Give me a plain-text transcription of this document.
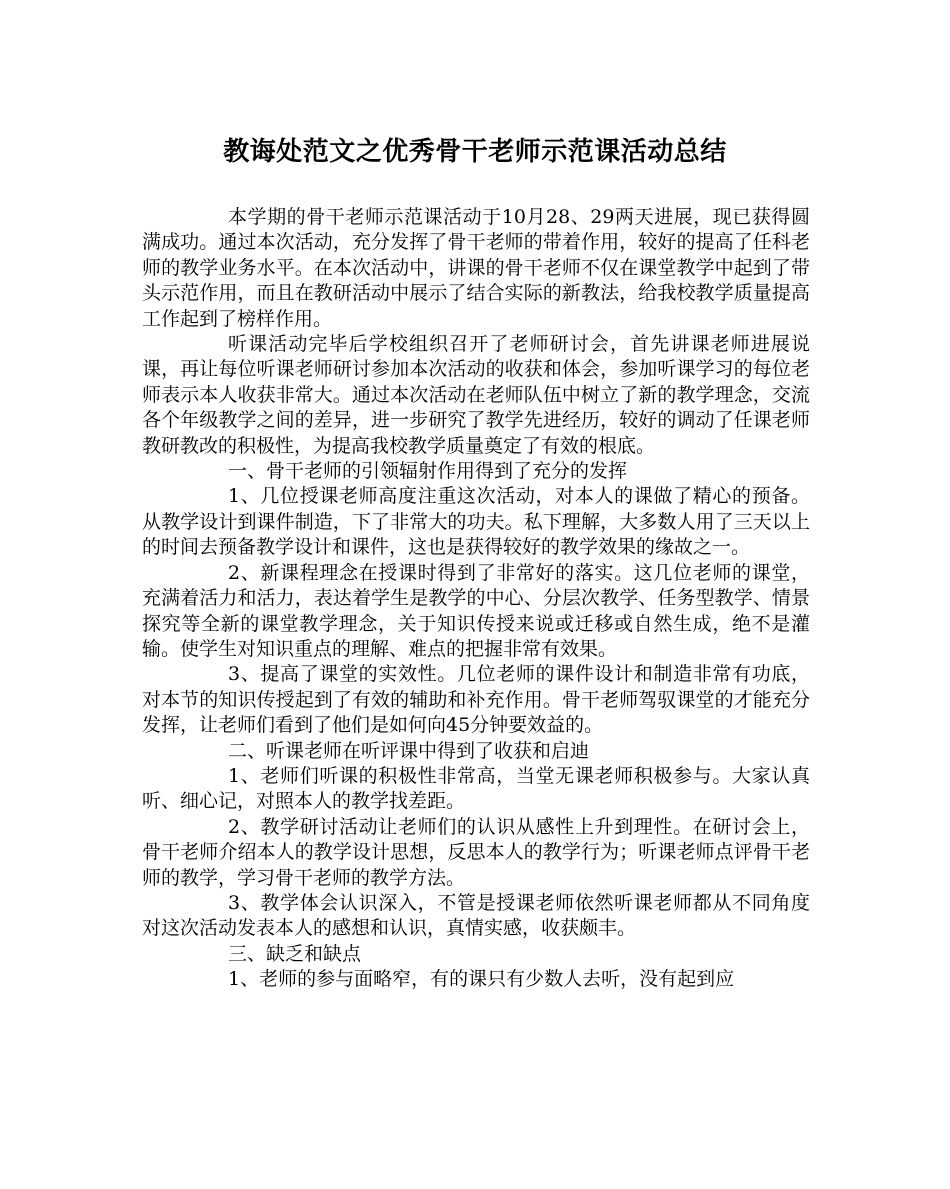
教诲处范文之优秀骨干老师示范课活动总结

本学期的骨干老师示范课活动于10月28、29两天进展，现已获得圆满成功。通过本次活动，充分发挥了骨干老师的带着作用，较好的提高了任科老师的教学业务水平。在本次活动中，讲课的骨干老师不仅在课堂教学中起到了带头示范作用，而且在教研活动中展示了结合实际的新教法，给我校教学质量提高工作起到了榜样作用。

听课活动完毕后学校组织召开了老师研讨会，首先讲课老师进展说课，再让每位听课老师研讨参加本次活动的收获和体会，参加听课学习的每位老师表示本人收获非常大。通过本次活动在老师队伍中树立了新的教学理念，交流各个年级教学之间的差异，进一步研究了教学先进经历，较好的调动了任课老师教研教改的积极性，为提高我校教学质量奠定了有效的根底。

一、骨干老师的引领辐射作用得到了充分的发挥

1、几位授课老师高度注重这次活动，对本人的课做了精心的预备。从教学设计到课件制造，下了非常大的功夫。私下理解，大多数人用了三天以上的时间去预备教学设计和课件，这也是获得较好的教学效果的缘故之一。

2、新课程理念在授课时得到了非常好的落实。这几位老师的课堂，充满着活力和活力，表达着学生是教学的中心、分层次教学、任务型教学、情景探究等全新的课堂教学理念，关于知识传授来说或迁移或自然生成，绝不是灌输。使学生对知识重点的理解、难点的把握非常有效果。

3、提高了课堂的实效性。几位老师的课件设计和制造非常有功底，对本节的知识传授起到了有效的辅助和补充作用。骨干老师驾驭课堂的才能充分发挥，让老师们看到了他们是如何向45分钟要效益的。

二、听课老师在听评课中得到了收获和启迪

1、老师们听课的积极性非常高，当堂无课老师积极参与。大家认真听、细心记，对照本人的教学找差距。

2、教学研讨活动让老师们的认识从感性上升到理性。在研讨会上，骨干老师介绍本人的教学设计思想，反思本人的教学行为；听课老师点评骨干老师的教学，学习骨干老师的教学方法。

3、教学体会认识深入，不管是授课老师依然听课老师都从不同角度对这次活动发表本人的感想和认识，真情实感，收获颇丰。

三、缺乏和缺点

1、老师的参与面略窄，有的课只有少数人去听，没有起到应
